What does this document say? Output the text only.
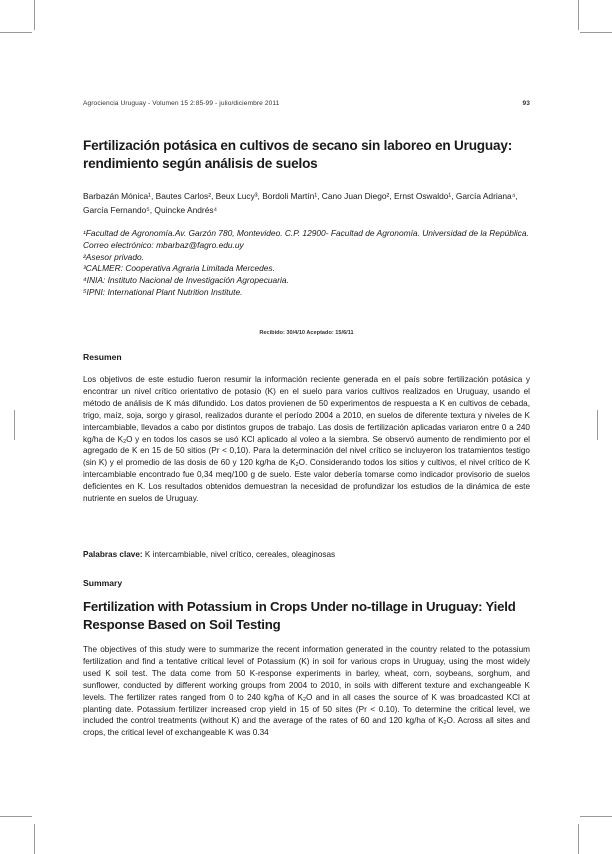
Agrociencia Uruguay - Volumen 15 2:85-99 - julio/diciembre 2011	93
Fertilización potásica en cultivos de secano sin laboreo en Uruguay: rendimiento según análisis de suelos

Barbazán Mónica¹, Bautes Carlos², Beux Lucy³, Bordoli Martín¹, Cano Juan Diego², Ernst Oswaldo¹, García Adriana⁴, García Fernando⁵, Quincke Andrés⁴

¹Facultad de Agronomía.Av. Garzón 780, Montevideo. C.P. 12900- Facultad de Agronomía. Universidad de la República. Correo electrónico: mbarbaz@fagro.edu.uy

²Asesor privado.

³CALMER: Cooperativa Agraria Limitada Mercedes.

⁴INIA: Instituto Nacional de Investigación Agropecuaria.

⁵IPNI: International Plant Nutrition Institute.

Recibido: 30/4/10 Aceptado: 15/6/11
Resumen

Los objetivos de este estudio fueron resumir la información reciente generada en el país sobre fertilización potásica y encontrar un nivel crítico orientativo de potasio (K) en el suelo para varios cultivos realizados en Uruguay, usando el método de análisis de K más difundido. Los datos provienen de 50 experimentos de respuesta a K en cultivos de cebada, trigo, maíz, soja, sorgo y girasol, realizados durante el período 2004 a 2010, en suelos de diferente textura y niveles de K intercambiable, llevados a cabo por distintos grupos de trabajo. Las dosis de fertilización aplicadas variaron entre 0 a 240 kg/ha de $K_2O$ y en todos los casos se usó KCl aplicado al voleo a la siembra. Se observó aumento de rendimiento por el agregado de K en 15 de 50 sitios (Pr < 0,10). Para la determinación del nivel crítico se incluyeron los tratamientos testigo (sin K) y el promedio de las dosis de 60 y 120 kg/ha de $K_2O$. Considerando todos los sitios y cultivos, el nivel crítico de K intercambiable encontrado fue 0,34 meq/100 g de suelo. Este valor debería tomarse como indicador provisorio de suelos deficientes en K. Los resultados obtenidos demuestran la necesidad de profundizar los estudios de la dinámica de este nutriente en suelos de Uruguay.

Palabras clave: K intercambiable, nivel crítico, cereales, oleaginosas

Summary
Fertilization with Potassium in Crops Under no-tillage in Uruguay: Yield Response Based on Soil Testing

The objectives of this study were to summarize the recent information generated in the country related to the potassium fertilization and find a tentative critical level of Potassium (K) in soil for various crops in Uruguay, using the most widely used K soil test. The data come from 50 K-response experiments in barley, wheat, corn, soybeans, sorghum, and sunflower, conducted by different working groups from 2004 to 2010, in soils with different texture and exchangeable K levels. The fertilizer rates ranged from 0 to 240 kg/ha of $K_2O$ and in all cases the source of K was broadcasted KCl at planting date. Potassium fertilizer increased crop yield in 15 of 50 sites (Pr < 0.10). To determine the critical level, we included the control treatments (without K) and the average of the rates of 60 and 120 kg/ha of $K_2O$. Across all sites and crops, the critical level of exchangeable K was 0.34
